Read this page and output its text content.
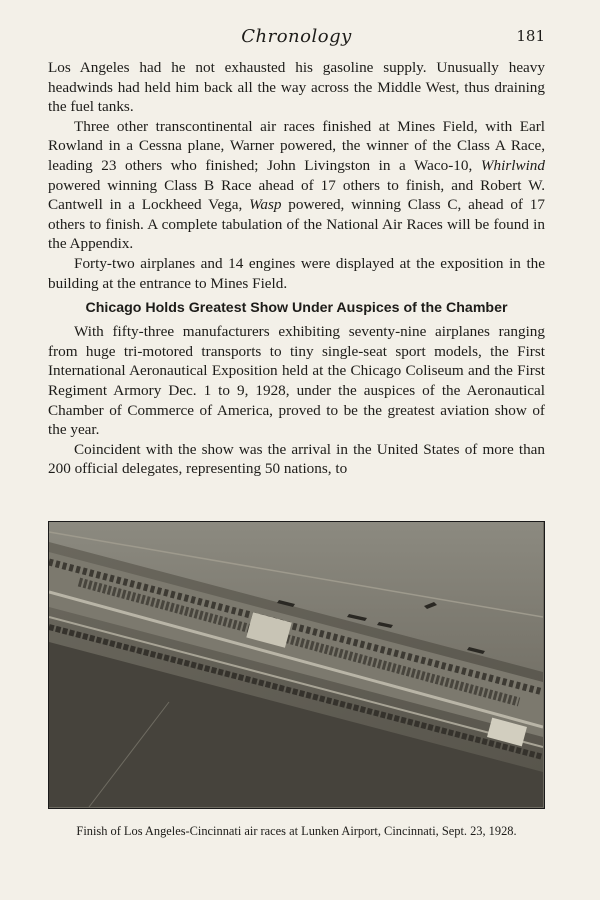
Chronology	181

Los Angeles had he not exhausted his gasoline supply. Unusually heavy headwinds had held him back all the way across the Middle West, thus draining the fuel tanks.

Three other transcontinental air races finished at Mines Field, with Earl Rowland in a Cessna plane, Warner powered, the winner of the Class A Race, leading 23 others who finished; John Livingston in a Waco-10, Whirlwind powered winning Class B Race ahead of 17 others to finish, and Robert W. Cantwell in a Lockheed Vega, Wasp powered, winning Class C, ahead of 17 others to finish. A complete tabulation of the National Air Races will be found in the Appendix.

Forty-two airplanes and 14 engines were displayed at the exposition in the building at the entrance to Mines Field.

Chicago Holds Greatest Show Under Auspices of the Chamber

With fifty-three manufacturers exhibiting seventy-nine airplanes ranging from huge tri-motored transports to tiny single-seat sport models, the First International Aeronautical Exposition held at the Chicago Coliseum and the First Regiment Armory Dec. 1 to 9, 1928, under the auspices of the Aeronautical Chamber of Commerce of America, proved to be the greatest aviation show of the year.

Coincident with the show was the arrival in the United States of more than 200 official delegates, representing 50 nations, to

Finish of Los Angeles-Cincinnati air races at Lunken Airport, Cincinnati, Sept. 23, 1928.
